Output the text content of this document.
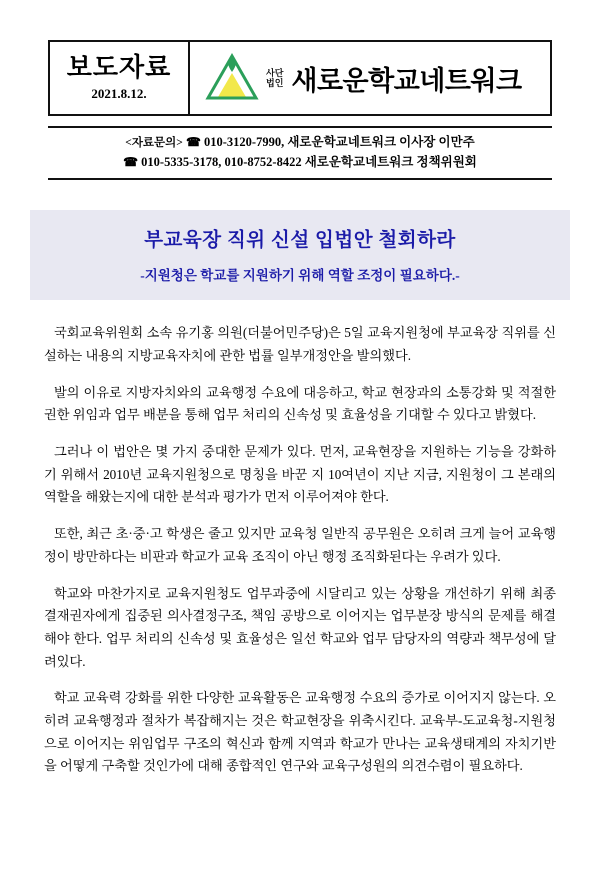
보도자료
2021.8.12.
사단
법인 새로운학교네트워크
<자료문의> ☎ 010-3120-7990, 새로운학교네트워크 이사장 이만주
☎ 010-5335-3178, 010-8752-8422 새로운학교네트워크 정책위원회
부교육장 직위 신설 입법안 철회하라
-지원청은 학교를 지원하기 위해 역할 조정이 필요하다.-

국회교육위원회 소속 유기홍 의원(더불어민주당)은 5일 교육지원청에 부교육장 직위를 신설하는 내용의 지방교육자치에 관한 법률 일부개정안을 발의했다.

발의 이유로 지방자치와의 교육행정 수요에 대응하고, 학교 현장과의 소통강화 및 적절한 권한 위임과 업무 배분을 통해 업무 처리의 신속성 및 효율성을 기대할 수 있다고 밝혔다.

그러나 이 법안은 몇 가지 중대한 문제가 있다. 먼저, 교육현장을 지원하는 기능을 강화하기 위해서 2010년 교육지원청으로 명칭을 바꾼 지 10여년이 지난 지금, 지원청이 그 본래의 역할을 해왔는지에 대한 분석과 평가가 먼저 이루어져야 한다.

또한, 최근 초·중·고 학생은 줄고 있지만 교육청 일반직 공무원은 오히려 크게 늘어 교육행정이 방만하다는 비판과 학교가 교육 조직이 아닌 행정 조직화된다는 우려가 있다.

학교와 마찬가지로 교육지원청도 업무과중에 시달리고 있는 상황을 개선하기 위해 최종 결재권자에게 집중된 의사결정구조, 책임 공방으로 이어지는 업무분장 방식의 문제를 해결해야 한다. 업무 처리의 신속성 및 효율성은 일선 학교와 업무 담당자의 역량과 책무성에 달려있다.

학교 교육력 강화를 위한 다양한 교육활동은 교육행정 수요의 증가로 이어지지 않는다. 오히려 교육행정과 절차가 복잡해지는 것은 학교현장을 위축시킨다. 교육부-도교육청-지원청으로 이어지는 위임업무 구조의 혁신과 함께 지역과 학교가 만나는 교육생태계의 자치기반을 어떻게 구축할 것인가에 대해 종합적인 연구와 교육구성원의 의견수렴이 필요하다.
